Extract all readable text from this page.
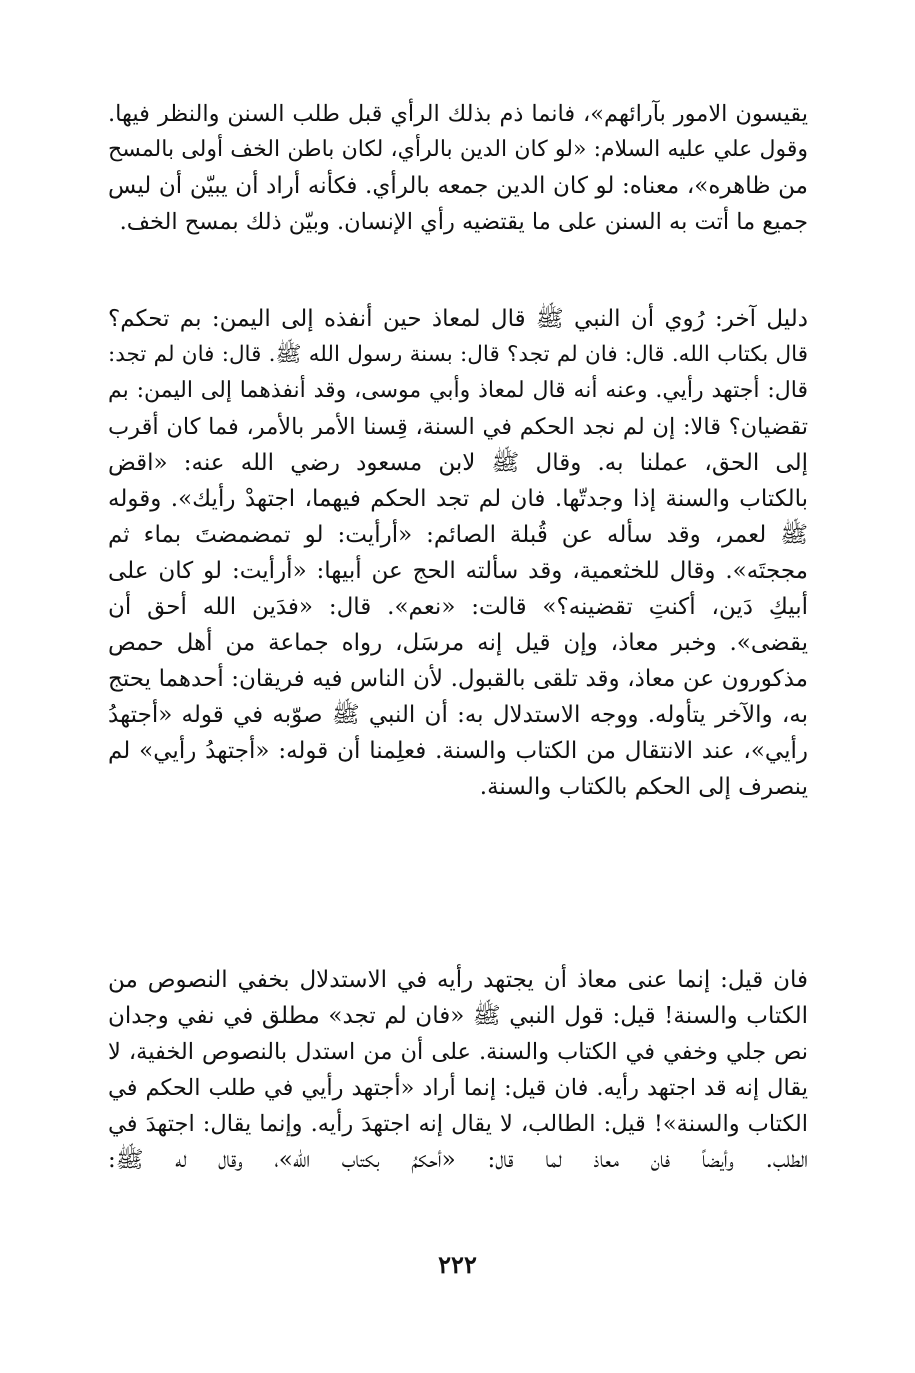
يقيسون الامور بآرائهم»، فانما ذم بذلك الرأي قبل طلب السنن والنظر فيها.
وقول علي عليه السلام: «لو كان الدين بالرأي، لكان باطن الخف أولى بالمسح
من ظاهره»، معناه: لو كان الدين جمعه بالرأي. فكأنه أراد أن يبيّن أن ليس
جميع ما أتت به السنن على ما يقتضيه رأي الإنسان. وبيّن ذلك بمسح الخف.
دليل آخر: رُوي أن النبي ﷺ قال لمعاذ حين أنفذه إلى اليمن: بم تحكم؟
قال بكتاب الله. قال: فان لم تجد؟ قال: بسنة رسول الله ﷺ. قال: فان لم تجد:
قال: أجتهد رأيي. وعنه أنه قال لمعاذ وأبي موسى، وقد أنفذهما إلى اليمن: بم
تقضيان؟ قالا: إن لم نجد الحكم في السنة، قِسنا الأمر بالأمر، فما كان أقرب
إلى الحق، عملنا به. وقال ﷺ لابن مسعود رضي الله عنه: «اقض
بالكتاب والسنة إذا وجدتّها. فان لم تجد الحكم فيهما، اجتهدْ رأيك». وقوله
ﷺ لعمر، وقد سأله عن قُبلة الصائم: «أرأيت: لو تمضمضتَ بماء ثم
مججتَه». وقال للخثعمية، وقد سألته الحج عن أبيها: «أرأيت: لو كان على
أبيكِ دَين، أكنتِ تقضينه؟» قالت: «نعم». قال: «فدَين الله أحق أن
يقضى». وخبر معاذ، وإن قيل إنه مرسَل، رواه جماعة من أهل حمص
مذكورون عن معاذ، وقد تلقى بالقبول. لأن الناس فيه فريقان: أحدهما يحتج
به، والآخر يتأوله. ووجه الاستدلال به: أن النبي ﷺ صوّبه في قوله «أجتهدُ
رأيي»، عند الانتقال من الكتاب والسنة. فعلِمنا أن قوله: «أجتهدُ رأيي» لم
ينصرف إلى الحكم بالكتاب والسنة.
فان قيل: إنما عنى معاذ أن يجتهد رأيه في الاستدلال بخفي النصوص من
الكتاب والسنة! قيل: قول النبي ﷺ «فان لم تجد» مطلق في نفي وجدان
نص جلي وخفي في الكتاب والسنة. على أن من استدل بالنصوص الخفية، لا
يقال إنه قد اجتهد رأيه. فان قيل: إنما أراد «أجتهد رأيي في طلب الحكم في
الكتاب والسنة»! قيل: الطالب، لا يقال إنه اجتهدَ رأيه. وإنما يقال: اجتهدَ في
الطلب. وأيضاً فان معاذ لما قال: «أحكمُ بكتاب الله»، وقال له ﷺ:
٢٢٢
